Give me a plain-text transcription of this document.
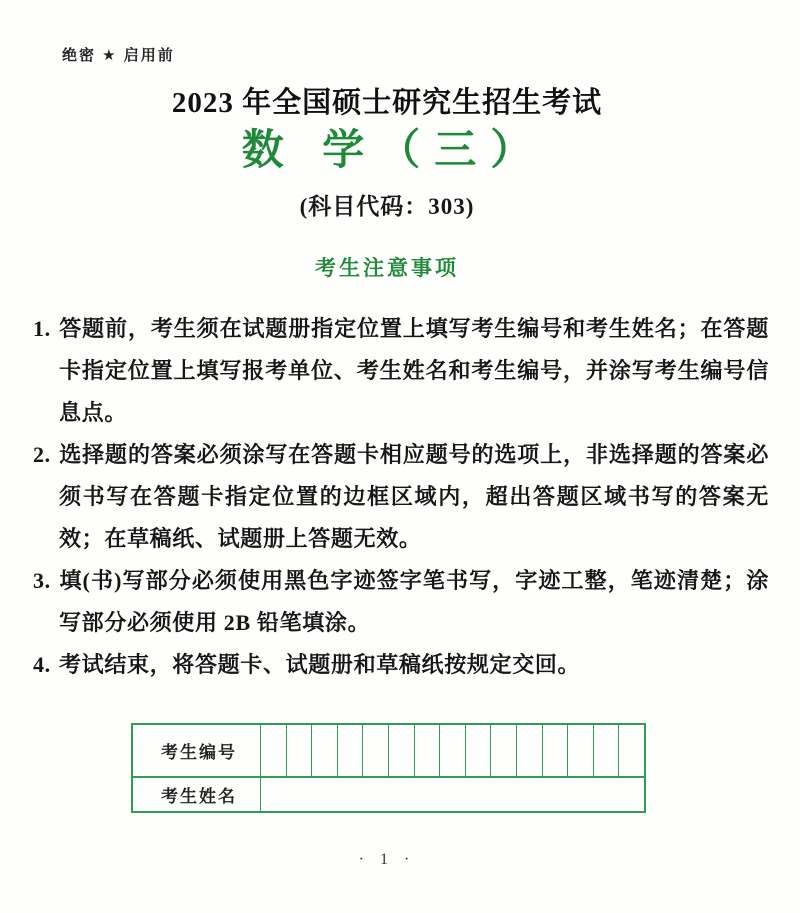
绝密 ★ 启用前
2023 年全国硕士研究生招生考试
数 学（三）
(科目代码：303)
考生注意事项
1. 答题前，考生须在试题册指定位置上填写考生编号和考生姓名；在答题卡指定位置上填写报考单位、考生姓名和考生编号，并涂写考生编号信息点。
2. 选择题的答案必须涂写在答题卡相应题号的选项上，非选择题的答案必须书写在答题卡指定位置的边框区域内，超出答题区域书写的答案无效；在草稿纸、试题册上答题无效。
3. 填(书)写部分必须使用黑色字迹签字笔书写，字迹工整，笔迹清楚；涂写部分必须使用 2B 铅笔填涂。
4. 考试结束，将答题卡、试题册和草稿纸按规定交回。
考生编号
考生姓名
· 1 ·
